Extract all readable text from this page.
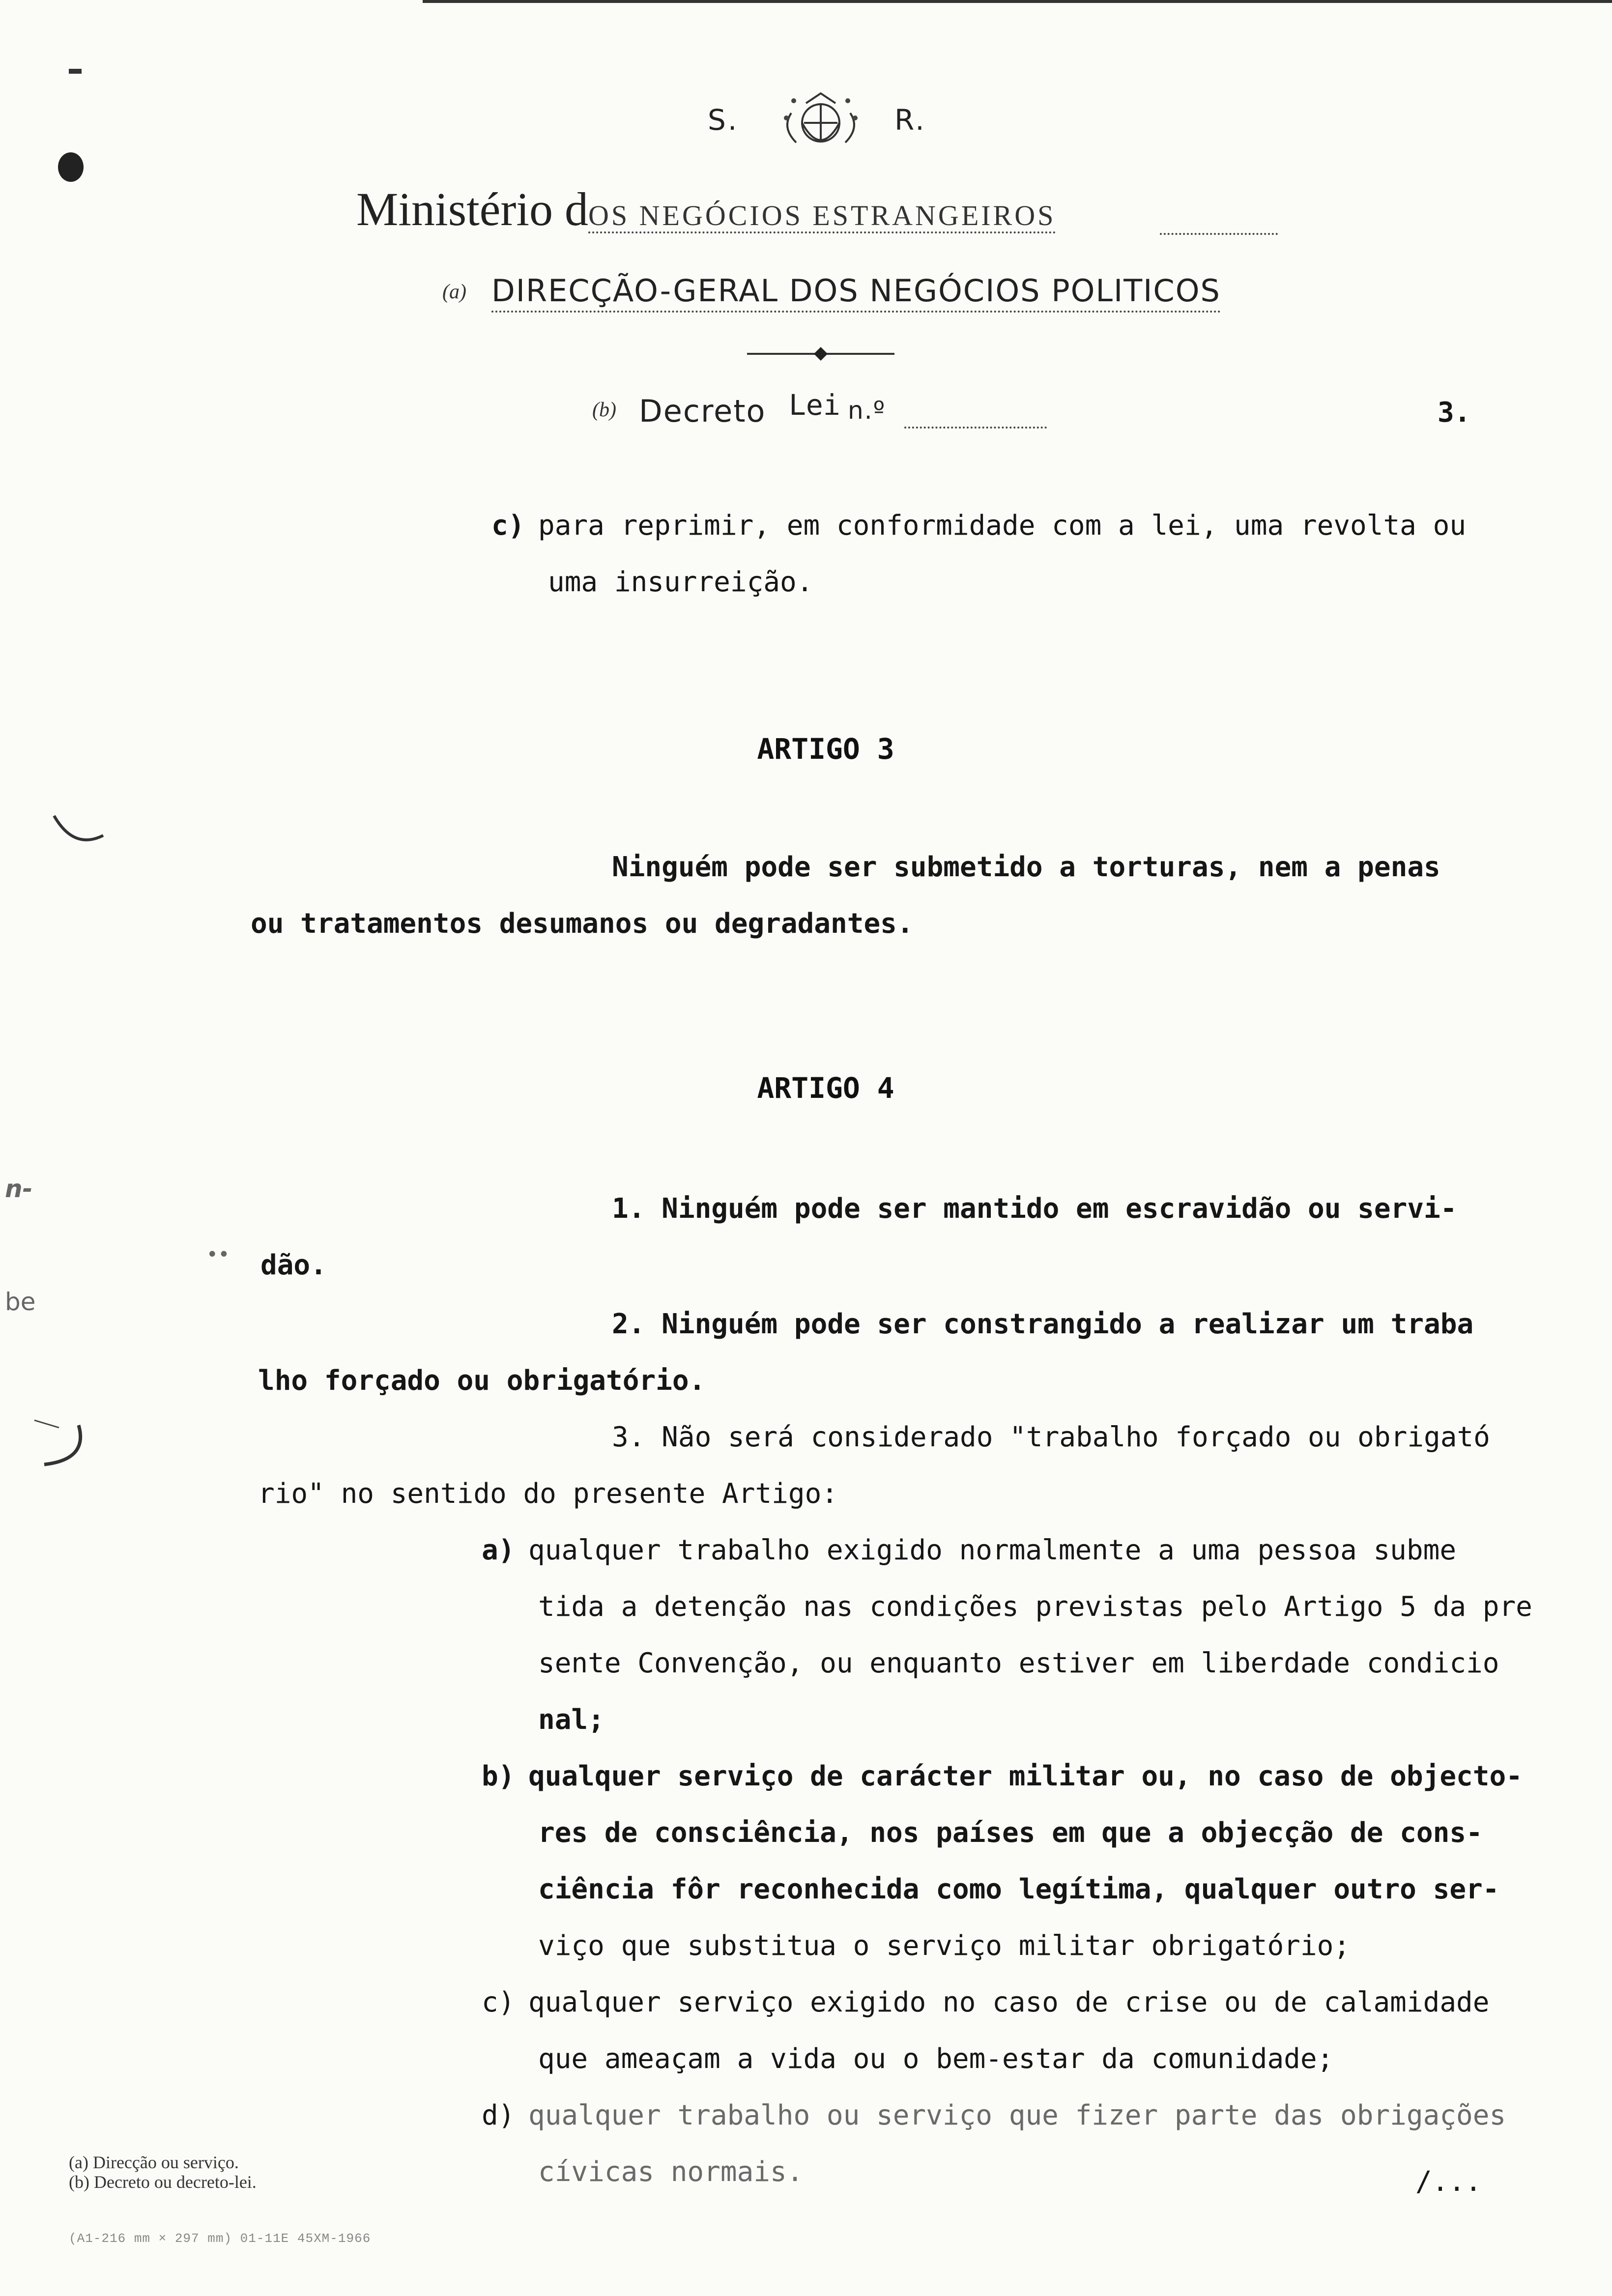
S.	R.
Ministério dOS NEGÓCIOS ESTRANGEIROS
(a) DIRECÇÃO-GERAL DOS NEGÓCIOS POLITICOS
(b) Decreto Lei n.º	3.
c) para reprimir, em conformidade com a lei, uma revolta ou
uma insurreição.
ARTIGO 3
Ninguém pode ser submetido a torturas, nem a penas
ou tratamentos desumanos ou degradantes.
ARTIGO 4
1. Ninguém pode ser mantido em escravidão ou servi-
dão.
2. Ninguém pode ser constrangido a realizar um traba
lho forçado ou obrigatório.
3. Não será considerado "trabalho forçado ou obrigató
rio" no sentido do presente Artigo:
a) qualquer trabalho exigido normalmente a uma pessoa subme
tida a detenção nas condições previstas pelo Artigo 5 da pre
sente Convenção, ou enquanto estiver em liberdade condicio
nal;
b) qualquer serviço de carácter militar ou, no caso de objecto-
res de consciência, nos países em que a objecção de cons-
ciência fôr reconhecida como legítima, qualquer outro ser-
viço que substitua o serviço militar obrigatório;
c) qualquer serviço exigido no caso de crise ou de calamidade
que ameaçam a vida ou o bem-estar da comunidade;
d) qualquer trabalho ou serviço que fizer parte das obrigações
cívicas normais.	/...
(a) Direcção ou serviço.
(b) Decreto ou decreto-lei.
(A1-216 mm × 297 mm) 01-11E 45XM-1966
n-
be
••
